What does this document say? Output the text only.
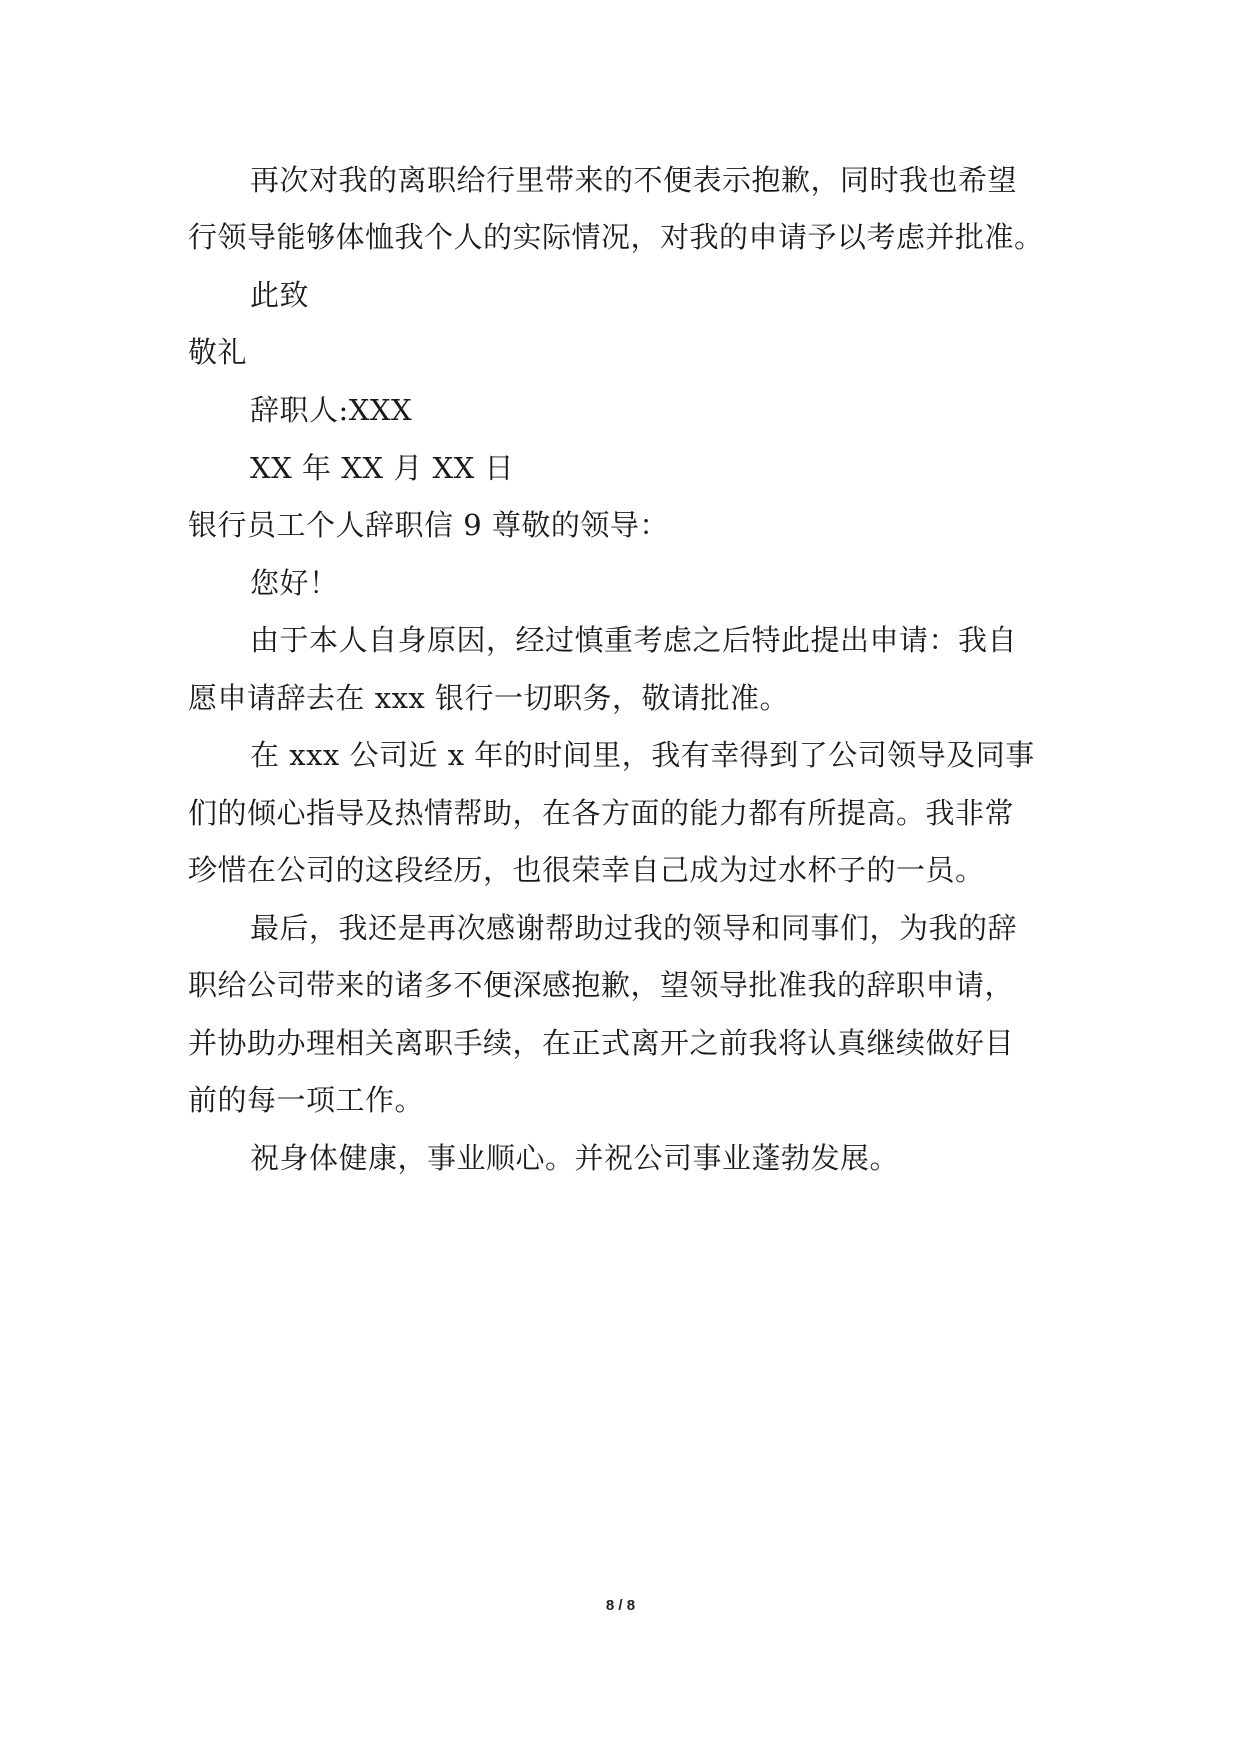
再次对我的离职给行里带来的不便表示抱歉，同时我也希望
行领导能够体恤我个人的实际情况，对我的申请予以考虑并批准。
此致
敬礼
辞职人:XXX
XX 年 XX 月 XX 日
银行员工个人辞职信 9 尊敬的领导：
您好！
由于本人自身原因，经过慎重考虑之后特此提出申请：我自
愿申请辞去在 xxx 银行一切职务，敬请批准。
在 xxx 公司近 x 年的时间里，我有幸得到了公司领导及同事
们的倾心指导及热情帮助，在各方面的能力都有所提高。我非常
珍惜在公司的这段经历，也很荣幸自己成为过水杯子的一员。
最后，我还是再次感谢帮助过我的领导和同事们，为我的辞
职给公司带来的诸多不便深感抱歉，望领导批准我的辞职申请，
并协助办理相关离职手续，在正式离开之前我将认真继续做好目
前的每一项工作。
祝身体健康，事业顺心。并祝公司事业蓬勃发展。
8 / 8
